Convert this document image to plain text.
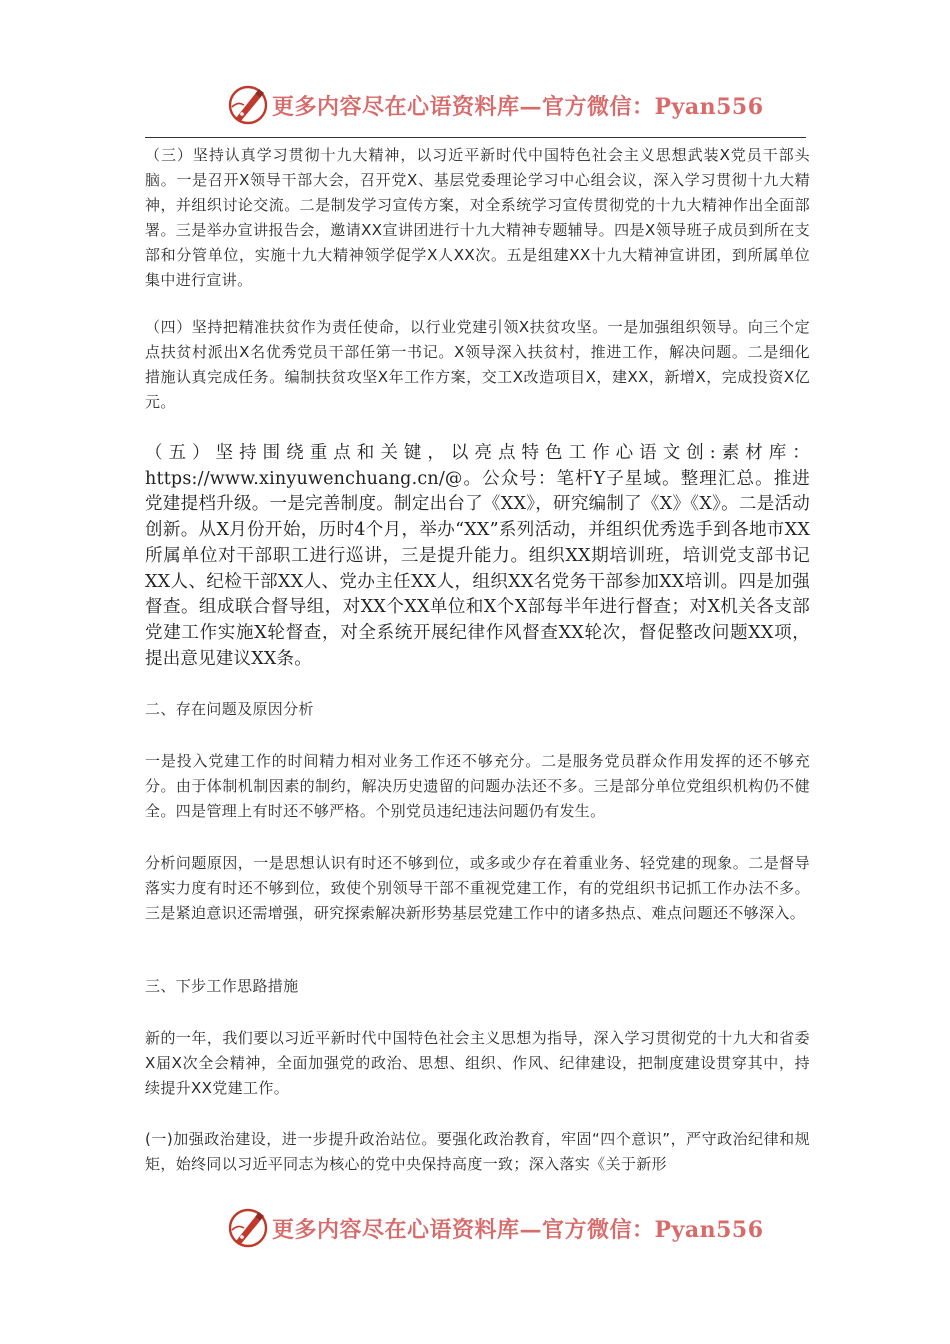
更多内容尽在心语资料库—官方微信：Pyan556

（三）坚持认真学习贯彻十九大精神，以习近平新时代中国特色社会主义思想武装X党员干部头脑。一是召开X领导干部大会，召开党X、基层党委理论学习中心组会议，深入学习贯彻十九大精神，并组织讨论交流。二是制发学习宣传方案，对全系统学习宣传贯彻党的十九大精神作出全面部署。三是举办宣讲报告会，邀请XX宣讲团进行十九大精神专题辅导。四是X领导班子成员到所在支部和分管单位，实施十九大精神领学促学X人XX次。五是组建XX十九大精神宣讲团，到所属单位集中进行宣讲。

（四）坚持把精准扶贫作为责任使命，以行业党建引领X扶贫攻坚。一是加强组织领导。向三个定点扶贫村派出X名优秀党员干部任第一书记。X领导深入扶贫村，推进工作，解决问题。二是细化措施认真完成任务。编制扶贫攻坚X年工作方案，交工X改造项目X，建XX，新增X，完成投资X亿元。

（五）坚持围绕重点和关键，以亮点特色工作心语文创:素材库：https://www.xinyuwenchuang.cn/@。公众号：笔杆Y子星域。整理汇总。推进党建提档升级。一是完善制度。制定出台了《XX》，研究编制了《X》《X》。二是活动创新。从X月份开始，历时4个月，举办“XX”系列活动，并组织优秀选手到各地市XX所属单位对干部职工进行巡讲，三是提升能力。组织XX期培训班，培训党支部书记XX人、纪检干部XX人、党办主任XX人，组织XX名党务干部参加XX培训。四是加强督查。组成联合督导组，对XX个XX单位和X个X部每半年进行督查；对X机关各支部党建工作实施X轮督查，对全系统开展纪律作风督查XX轮次，督促整改问题XX项，提出意见建议XX条。

二、存在问题及原因分析

一是投入党建工作的时间精力相对业务工作还不够充分。二是服务党员群众作用发挥的还不够充分。由于体制机制因素的制约，解决历史遗留的问题办法还不多。三是部分单位党组织机构仍不健全。四是管理上有时还不够严格。个别党员违纪违法问题仍有发生。

分析问题原因，一是思想认识有时还不够到位，或多或少存在着重业务、轻党建的现象。二是督导落实力度有时还不够到位，致使个别领导干部不重视党建工作，有的党组织书记抓工作办法不多。三是紧迫意识还需增强，研究探索解决新形势基层党建工作中的诸多热点、难点问题还不够深入。

三、下步工作思路措施

新的一年，我们要以习近平新时代中国特色社会主义思想为指导，深入学习贯彻党的十九大和省委X届X次全会精神，全面加强党的政治、思想、组织、作风、纪律建设，把制度建设贯穿其中，持续提升XX党建工作。

(一)加强政治建设，进一步提升政治站位。要强化政治教育，牢固“四个意识”，严守政治纪律和规矩，始终同以习近平同志为核心的党中央保持高度一致；深入落实《关于新形

更多内容尽在心语资料库—官方微信：Pyan556
